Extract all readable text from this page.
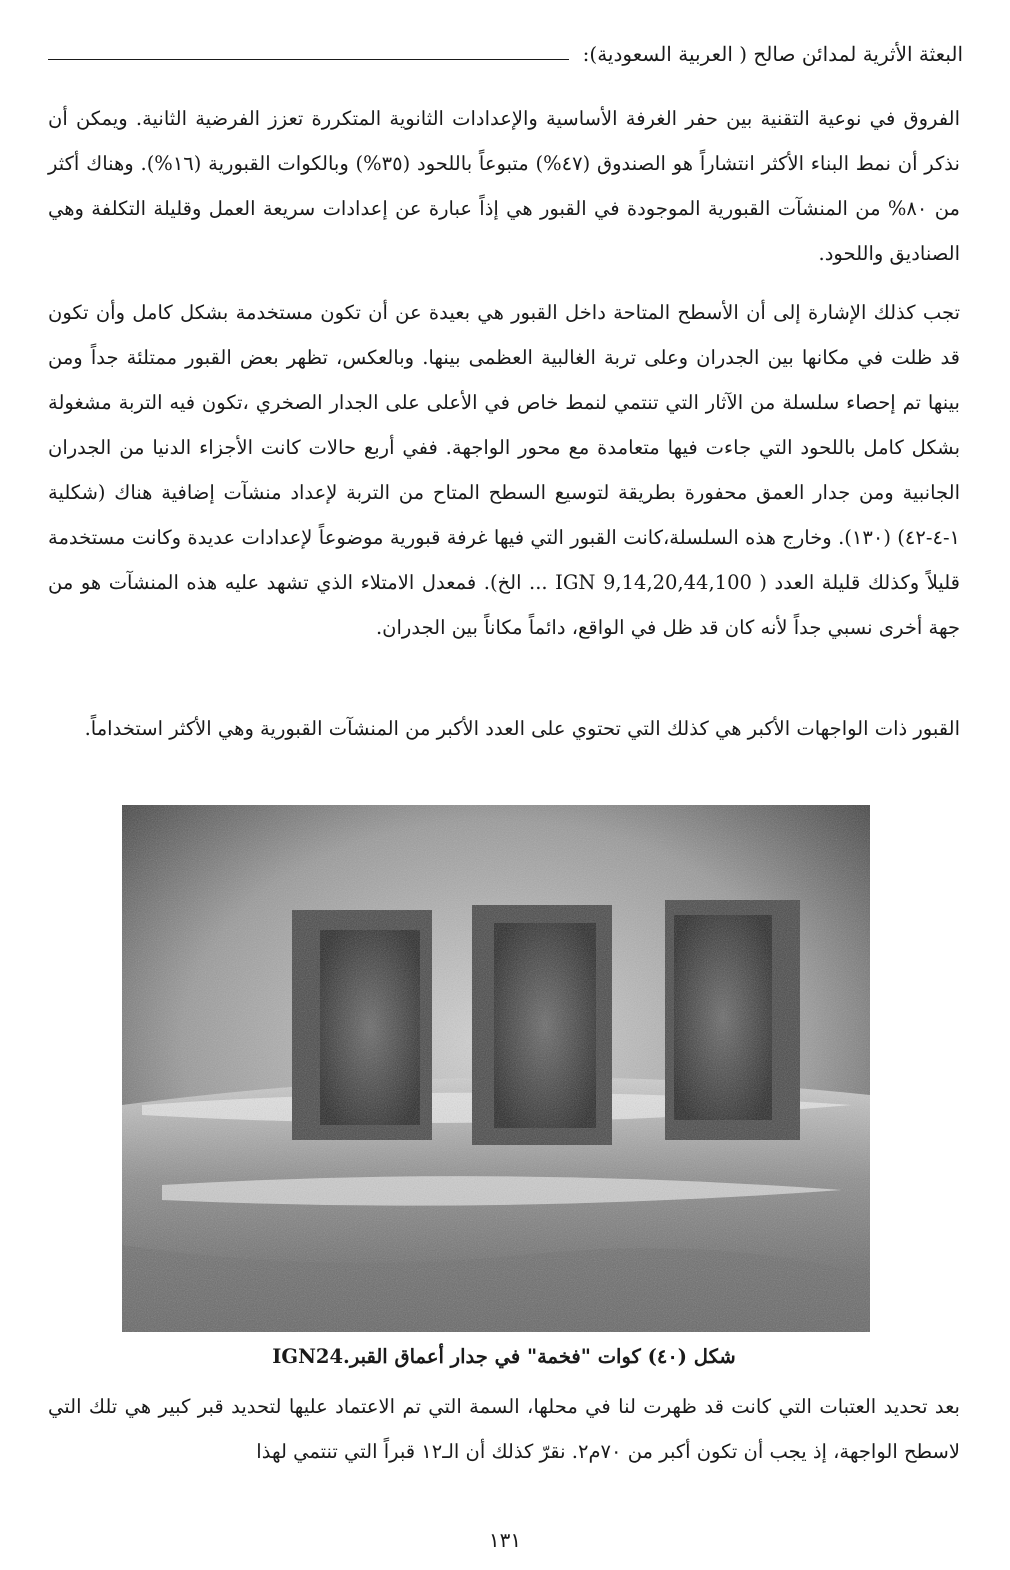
البعثة الأثرية لمدائن صالح ( العربية السعودية):

الفروق في نوعية التقنية بين حفر الغرفة الأساسية والإعدادات الثانوية المتكررة تعزز الفرضية الثانية. ويمكن أن نذكر أن نمط البناء الأكثر انتشاراً هو الصندوق (٤٧%) متبوعاً باللحود (٣٥%) وبالكوات القبورية (١٦%). وهناك أكثر من ٨٠% من المنشآت القبورية الموجودة في القبور هي إذاً عبارة عن إعدادات سريعة العمل وقليلة التكلفة وهي الصناديق واللحود.

تجب كذلك الإشارة إلى أن الأسطح المتاحة داخل القبور هي بعيدة عن أن تكون مستخدمة بشكل كامل وأن تكون قد ظلت في مكانها بين الجدران وعلى تربة الغالبية العظمى بينها. وبالعكس، تظهر بعض القبور ممتلئة جداً ومن بينها تم إحصاء سلسلة من الآثار التي تنتمي لنمط خاص في الأعلى على الجدار الصخري ،تكون فيه التربة مشغولة بشكل كامل باللحود التي جاءت فيها متعامدة مع محور الواجهة. ففي أربع حالات كانت الأجزاء الدنيا من الجدران الجانبية ومن جدار العمق محفورة بطريقة لتوسيع السطح المتاح من التربة لإعداد منشآت إضافية هناك (شكلية ١-٤-٤٢) (١٣٠). وخارج هذه السلسلة،كانت القبور التي فيها غرفة قبورية موضوعاً لإعدادات عديدة وكانت مستخدمة قليلاً وكذلك قليلة العدد ( IGN 9,14,20,44,100 ... الخ). فمعدل الامتلاء الذي تشهد عليه هذه المنشآت هو من جهة أخرى نسبي جداً لأنه كان قد ظل في الواقع، دائماً مكاناً بين الجدران.

القبور ذات الواجهات الأكبر هي كذلك التي تحتوي على العدد الأكبر من المنشآت القبورية وهي الأكثر استخداماً.

IGN24.شكل (٤٠) كوات "فخمة" في جدار أعماق القبر

بعد تحديد العتبات التي كانت قد ظهرت لنا في محلها، السمة التي تم الاعتماد عليها لتحديد قبر كبير هي تلك التي لاسطح الواجهة، إذ يجب أن تكون أكبر من ٧٠م٢. نقرّ كذلك أن الـ١٢ قبراً التي تنتمي لهذا

١٣١
